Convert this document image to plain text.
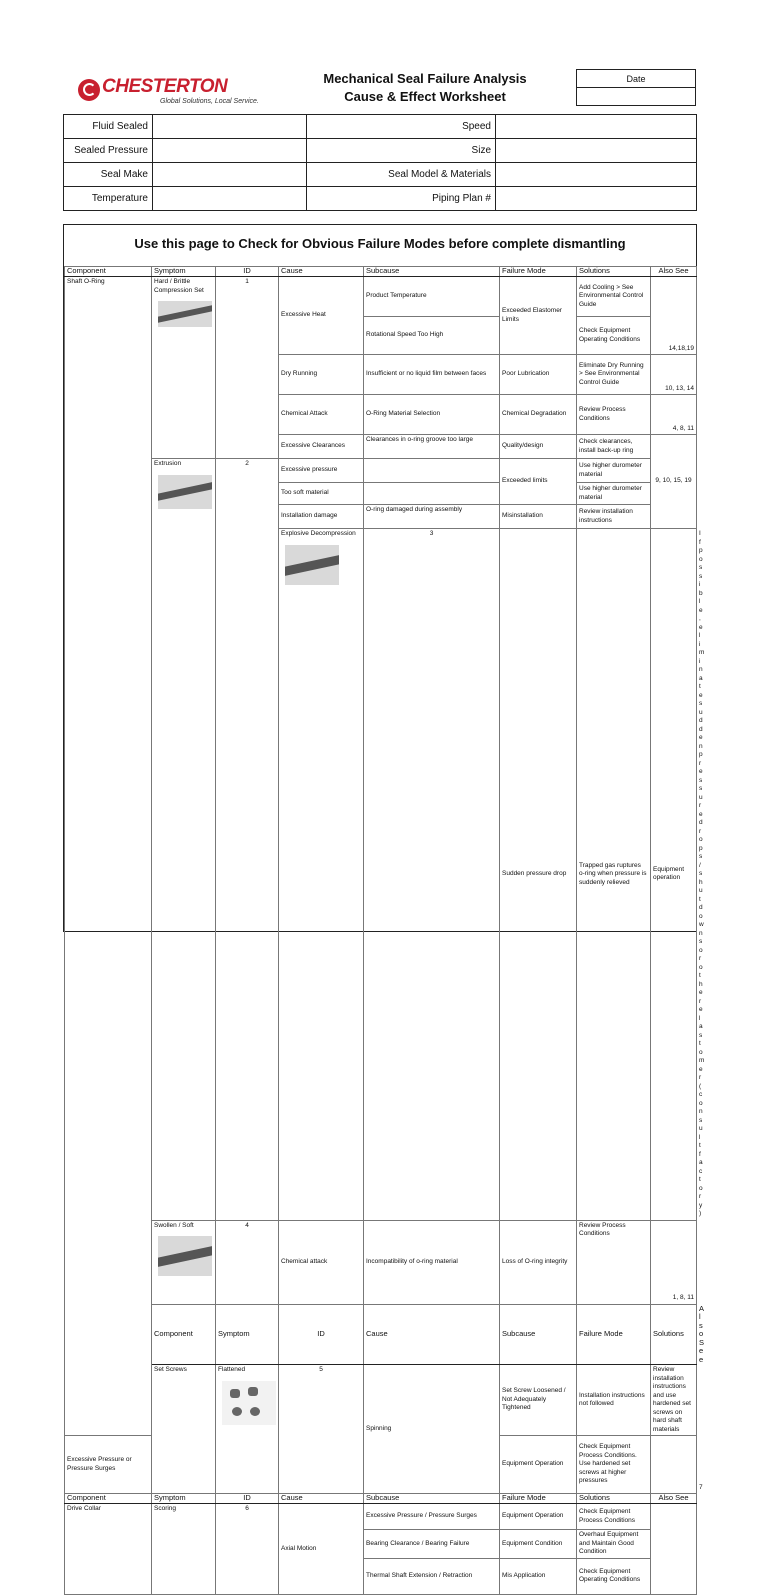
CHESTERTON
Global Solutions, Local Service.
Mechanical Seal Failure Analysis
Cause & Effect Worksheet
Date

Fluid Sealed		Speed	
Sealed Pressure		Size	
Seal Make		Seal Model & Materials	
Temperature		Piping Plan #	
Use this page to Check for Obvious Failure Modes before complete dismantling
Component	Symptom	ID	Cause	Subcause	Failure Mode	Solutions	Also See	
Shaft O-Ring	Hard / Brittle Compression Set	1	Excessive Heat	Product Temperature	Exceeded Elastomer Limits	Add Cooling > See Environmental Control Guide	14,18,19	
				Rotational Speed Too High		Check Equipment Operating Conditions		
			Dry Running	Insufficient or no liquid film between faces	Poor Lubrication	Eliminate Dry Running > See Environmental Control Guide	10, 13, 14	
			Chemical Attack	O-Ring Material Selection	Chemical Degradation	Review Process Conditions	4, 8, 11	
			Excessive Clearances	Clearances in o-ring groove too large	Quality/design	Check clearances, install back-up ring	9, 10, 15, 19	
	Extrusion	2	Excessive pressure		Exceeded limits	Use higher durometer material		
			Too soft material			Use higher durometer material		
			Installation damage	O-ring damaged during assembly	Misinstallation	Review installation instructions		
			Explosive Decompression	3	Sudden pressure drop	Trapped gas ruptures o-ring when pressure is suddenly relieved	Equipment operation	If possible, eliminate sudden pressure drops/shutdowns or other elastomer (consult factory)	
	Swollen / Soft	4	Chemical attack	Incompatibility of o-ring material	Loss of O-ring integrity	Review Process Conditions	1, 8, 11	
	Component	Symptom	ID	Cause	Subcause	Failure Mode	Solutions	Also See
	Set Screws	Flattened	5	Spinning	Set Screw Loosened / Not Adequately Tightened	Installation instructions not followed	Review installation instructions and use hardened set screws on hard shaft materials	7
Excessive Pressure or Pressure Surges					Equipment Operation	Check Equipment Process Conditions. Use hardened set screws at higher pressures		
Component	Symptom	ID	Cause	Subcause	Failure Mode	Solutions	Also See	
Drive Collar	Scoring	6	Axial Motion	Excessive Pressure / Pressure Surges	Equipment Operation	Check Equipment Process Conditions		
				Bearing Clearance / Bearing Failure	Equipment Condition	Overhaul Equipment and Maintain Good Condition		
				Thermal Shaft Extension / Retraction	Mis Application	Check Equipment Operating Conditions		
